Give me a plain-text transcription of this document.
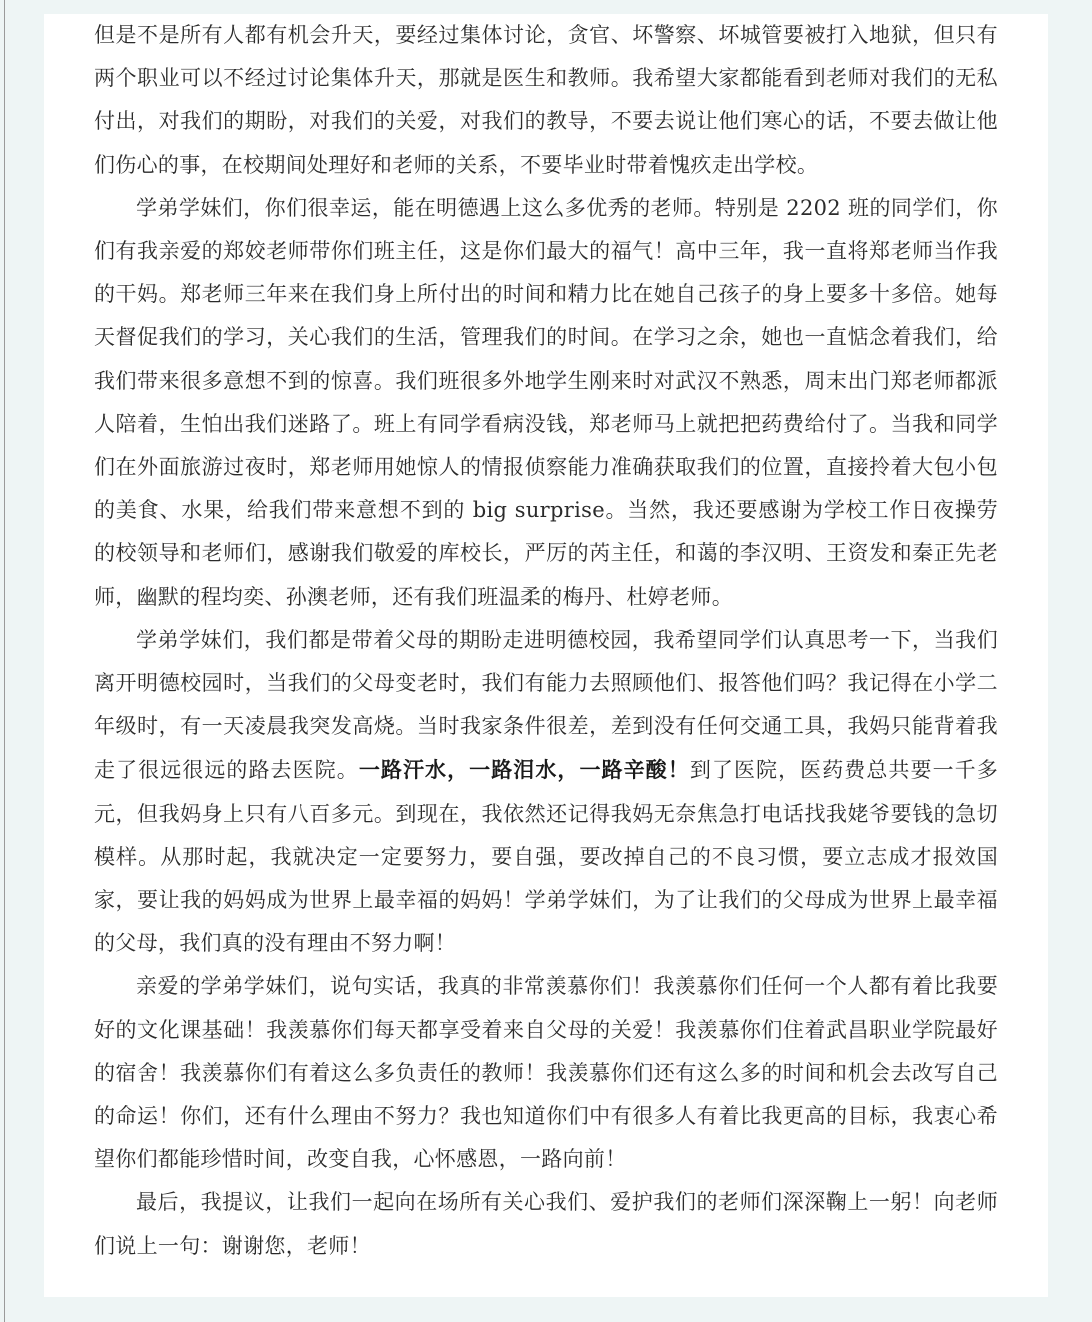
但是不是所有人都有机会升天，要经过集体讨论，贪官、坏警察、坏城管要被打入地狱，但只有两个职业可以不经过讨论集体升天，那就是医生和教师。我希望大家都能看到老师对我们的无私付出，对我们的期盼，对我们的关爱，对我们的教导，不要去说让他们寒心的话，不要去做让他们伤心的事，在校期间处理好和老师的关系，不要毕业时带着愧疚走出学校。

学弟学妹们，你们很幸运，能在明德遇上这么多优秀的老师。特别是 2202 班的同学们，你们有我亲爱的郑姣老师带你们班主任，这是你们最大的福气！高中三年，我一直将郑老师当作我的干妈。郑老师三年来在我们身上所付出的时间和精力比在她自己孩子的身上要多十多倍。她每天督促我们的学习，关心我们的生活，管理我们的时间。在学习之余，她也一直惦念着我们，给我们带来很多意想不到的惊喜。我们班很多外地学生刚来时对武汉不熟悉，周末出门郑老师都派人陪着，生怕出我们迷路了。班上有同学看病没钱，郑老师马上就把把药费给付了。当我和同学们在外面旅游过夜时，郑老师用她惊人的情报侦察能力准确获取我们的位置，直接拎着大包小包的美食、水果，给我们带来意想不到的 big surprise。当然，我还要感谢为学校工作日夜操劳的校领导和老师们，感谢我们敬爱的库校长，严厉的芮主任，和蔼的李汉明、王资发和秦正先老师，幽默的程均奕、孙澳老师，还有我们班温柔的梅丹、杜婷老师。

学弟学妹们，我们都是带着父母的期盼走进明德校园，我希望同学们认真思考一下，当我们离开明德校园时，当我们的父母变老时，我们有能力去照顾他们、报答他们吗？我记得在小学二年级时，有一天凌晨我突发高烧。当时我家条件很差，差到没有任何交通工具，我妈只能背着我走了很远很远的路去医院。一路汗水，一路泪水，一路辛酸！到了医院，医药费总共要一千多元，但我妈身上只有八百多元。到现在，我依然还记得我妈无奈焦急打电话找我姥爷要钱的急切模样。从那时起，我就决定一定要努力，要自强，要改掉自己的不良习惯，要立志成才报效国家，要让我的妈妈成为世界上最幸福的妈妈！学弟学妹们，为了让我们的父母成为世界上最幸福的父母，我们真的没有理由不努力啊！

亲爱的学弟学妹们，说句实话，我真的非常羡慕你们！我羡慕你们任何一个人都有着比我要好的文化课基础！我羡慕你们每天都享受着来自父母的关爱！我羡慕你们住着武昌职业学院最好的宿舍！我羡慕你们有着这么多负责任的教师！我羡慕你们还有这么多的时间和机会去改写自己的命运！你们，还有什么理由不努力？我也知道你们中有很多人有着比我更高的目标，我衷心希望你们都能珍惜时间，改变自我，心怀感恩，一路向前！

最后，我提议，让我们一起向在场所有关心我们、爱护我们的老师们深深鞠上一躬！向老师们说上一句：谢谢您，老师！
